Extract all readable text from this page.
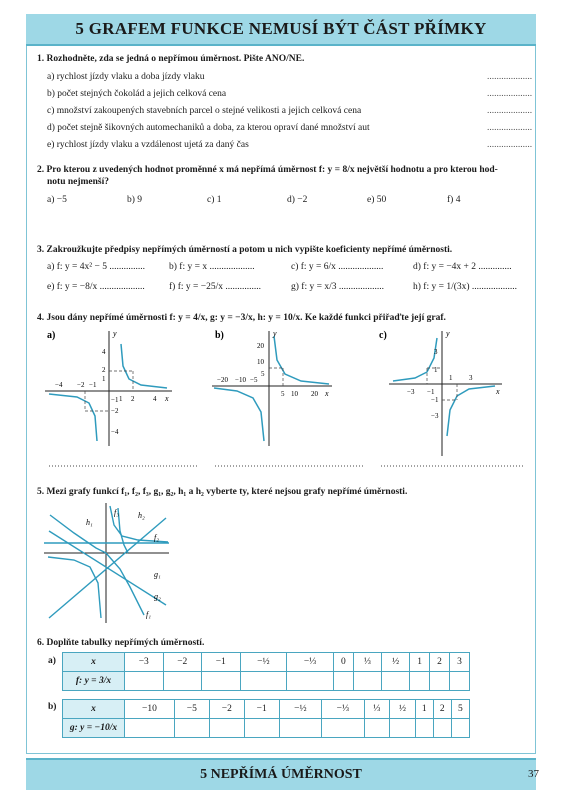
5 GRAFEM FUNKCE NEMUSÍ BÝT ČÁST PŘÍMKY
1. Rozhodněte, zda se jedná o nepřímou úměrnost. Pište ANO/NE.
a) rychlost jízdy vlaku a doba jízdy vlaku	...................
b) počet stejných čokolád a jejich celková cena	...................
c) množství zakoupených stavebních parcel o stejné velikosti a jejich celková cena	...................
d) počet stejně šikovných automechaniků a doba, za kterou opraví dané množství aut	...................
e) rychlost jízdy vlaku a vzdálenost ujetá za daný čas	...................
2. Pro kterou z uvedených hodnot proměnné x má nepřímá úměrnost f: y = 8/x největší hodnotu a pro kterou hod-
notu nejmenší?
a) −5	b) 9	c) 1	d) −2	e) 50	f) 4
3. Zakroužkujte předpisy nepřímých úměrností a potom u nich vypište koeficienty nepřímé úměrnosti.
a) f: y = 4x² − 5 ...............	b) f: y = x ...................	c) f: y = 6/x ...................	d) f: y = −4x + 2 ..............
e) f: y = −8/x ...................	f) f: y = −25/x ...............	g) f: y = x/3 ...................	h) f: y = 1/(3x) ...................
4. Jsou dány nepřímé úměrnosti f: y = 4/x, g: y = −3/x, h: y = 10/x. Ke každé funkci přiřaďte její graf.
a)	b)	c)
y
x
−4 −2 −1
1 2	4
1
2
4
−1
−2
−4
y
x
−20 −10 −5
5 10 20
5
10
20
y
x
−3 −1
1 3
3
1
−1
−3
5. Mezi grafy funkcí f₁, f₂, f₃, g₁, g₂, h₁ a h₂ vyberte ty, které nejsou grafy nepřímé úměrnosti.
h₁
f₃ h₂
f₂
g₁
g₂
f₁
6. Doplňte tabulky nepřímých úměrností.
a)	x	−3	−2	−1	−½	−⅓	0	⅓	½	1	2	3
f: y = 3/x											
b)	x	−10	−5	−2	−1	−½	−⅓	⅓	½	1	2	5
g: y = −10/x											
5 NEPŘÍMÁ ÚMĚRNOST	37
